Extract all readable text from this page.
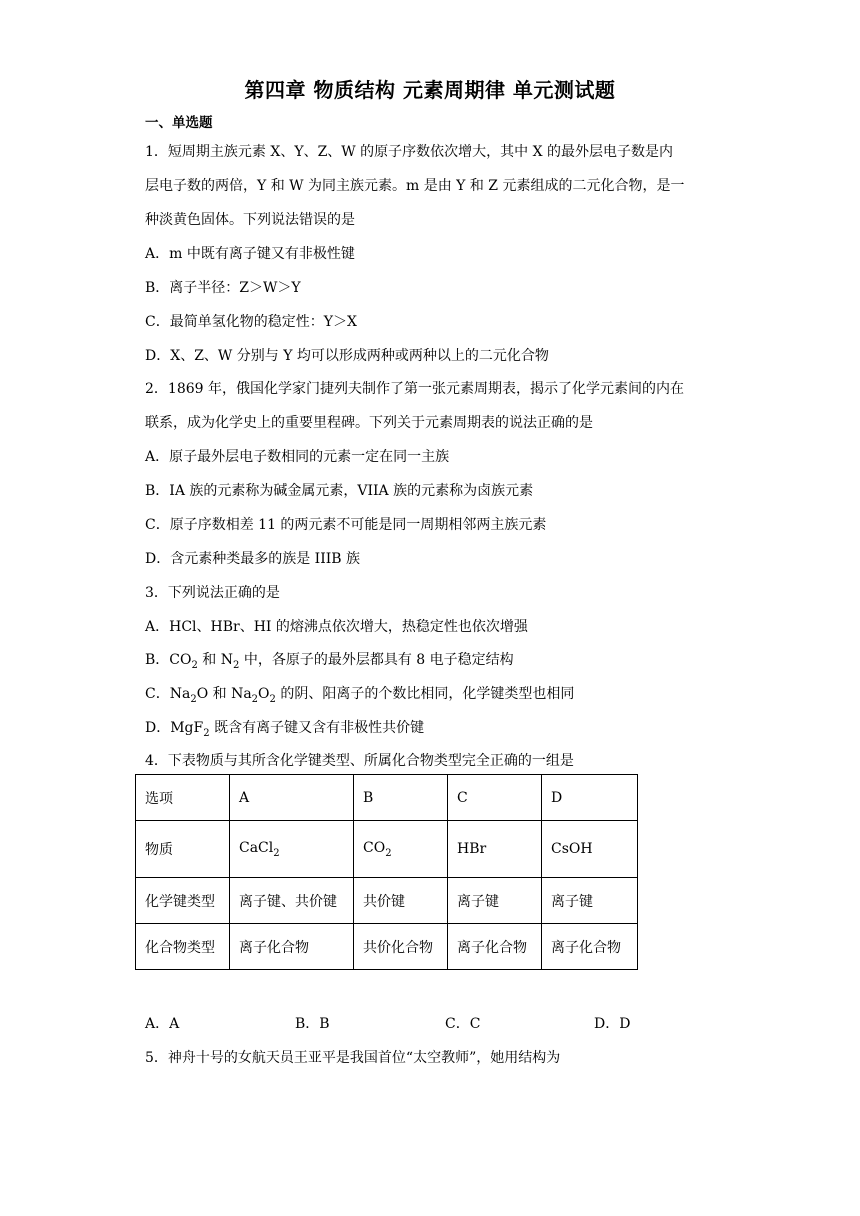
第四章 物质结构 元素周期律 单元测试题
一、单选题
1．短周期主族元素 X、Y、Z、W 的原子序数依次增大，其中 X 的最外层电子数是内
层电子数的两倍，Y 和 W 为同主族元素。m 是由 Y 和 Z 元素组成的二元化合物，是一
种淡黄色固体。下列说法错误的是
A．m 中既有离子键又有非极性键
B．离子半径：Z＞W＞Y
C．最简单氢化物的稳定性：Y＞X
D．X、Z、W 分别与 Y 均可以形成两种或两种以上的二元化合物
2．1869 年，俄国化学家门捷列夫制作了第一张元素周期表，揭示了化学元素间的内在
联系，成为化学史上的重要里程碑。下列关于元素周期表的说法正确的是
A．原子最外层电子数相同的元素一定在同一主族
B．IA 族的元素称为碱金属元素，VIIA 族的元素称为卤族元素
C．原子序数相差 11 的两元素不可能是同一周期相邻两主族元素
D．含元素种类最多的族是 IIIB 族
3．下列说法正确的是
A．HCl、HBr、HI 的熔沸点依次增大，热稳定性也依次增强
B．$CO_2$ 和 $N_2$ 中，各原子的最外层都具有 8 电子稳定结构
C．$Na_2O$ 和 $Na_2O_2$ 的阴、阳离子的个数比相同，化学键类型也相同
D．MgF$_2$ 既含有离子键又含有非极性共价键
4．下表物质与其所含化学键类型、所属化合物类型完全正确的一组是
选项	A	B	C	D
物质	CaCl$_2$	$CO_2$	HBr	CsOH
化学键类型	离子键、共价键	共价键	离子键	离子键
化合物类型	离子化合物	共价化合物	离子化合物	离子化合物
A．A	B．B	C．C	D．D
5．神舟十号的女航天员王亚平是我国首位“太空教师”，她用结构为
